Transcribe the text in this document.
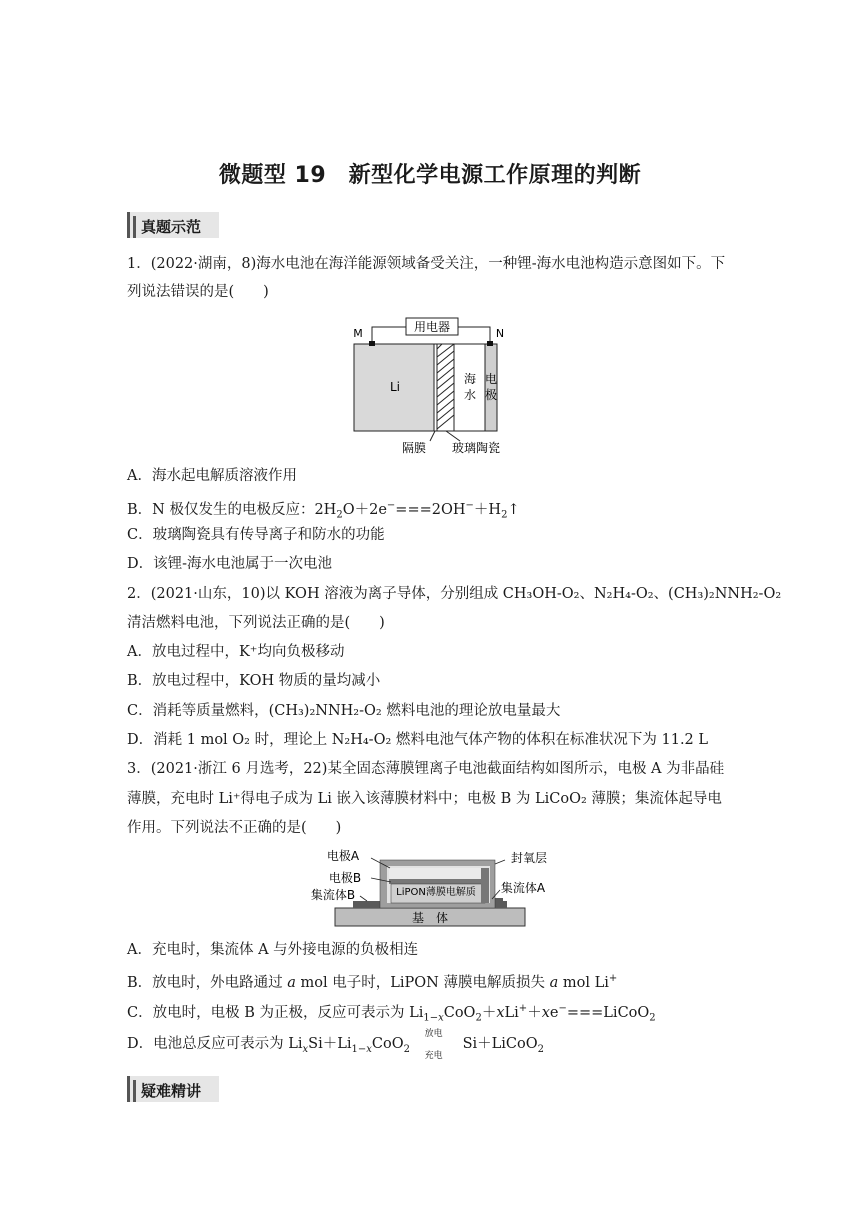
微题型 19　新型化学电源工作原理的判断
真题示范
1．(2022·湖南，8)海水电池在海洋能源领域备受关注，一种锂-海水电池构造示意图如下。下
列说法错误的是(　　)
用电器
M	N
Li
海
水
电
极
隔膜 玻璃陶瓷
A．海水起电解质溶液作用
B．N 极仅发生的电极反应：$2H_2O+2e^-===2OH^-+H_2↑$
C．玻璃陶瓷具有传导离子和防水的功能
D．该锂-海水电池属于一次电池
2．(2021·山东，10)以 KOH 溶液为离子导体，分别组成 CH₃OH-O₂、N₂H₄-O₂、(CH₃)₂NNH₂-O₂
清洁燃料电池，下列说法正确的是(　　)
A．放电过程中，K⁺均向负极移动
B．放电过程中，KOH 物质的量均减小
C．消耗等质量燃料，(CH₃)₂NNH₂-O₂ 燃料电池的理论放电量最大
D．消耗 1 mol O₂ 时，理论上 N₂H₄-O₂ 燃料电池气体产物的体积在标准状况下为 11.2 L
3．(2021·浙江 6 月选考，22)某全固态薄膜锂离子电池截面结构如图所示，电极 A 为非晶硅
薄膜，充电时 Li⁺得电子成为 Li 嵌入该薄膜材料中；电极 B 为 LiCoO₂ 薄膜；集流体起导电
作用。下列说法不正确的是(　　)
电极A
电极B
集流体B
封氧层
LiPON薄膜电解质 集流体A
基　体
A．充电时，集流体 A 与外接电源的负极相连
B．放电时，外电路通过 a mol 电子时，LiPON 薄膜电解质损失 a mol Li+
C．放电时，电极 B 为正极，反应可表示为 $Li_{1-x}CoO_2+xLi^++xe^-===LiCoO_2$
D．电池总反应可表示为 $Li_xSi+Li_{1-x}CoO_2$
放电
充电
Si＋LiCoO$_2$
疑难精讲
